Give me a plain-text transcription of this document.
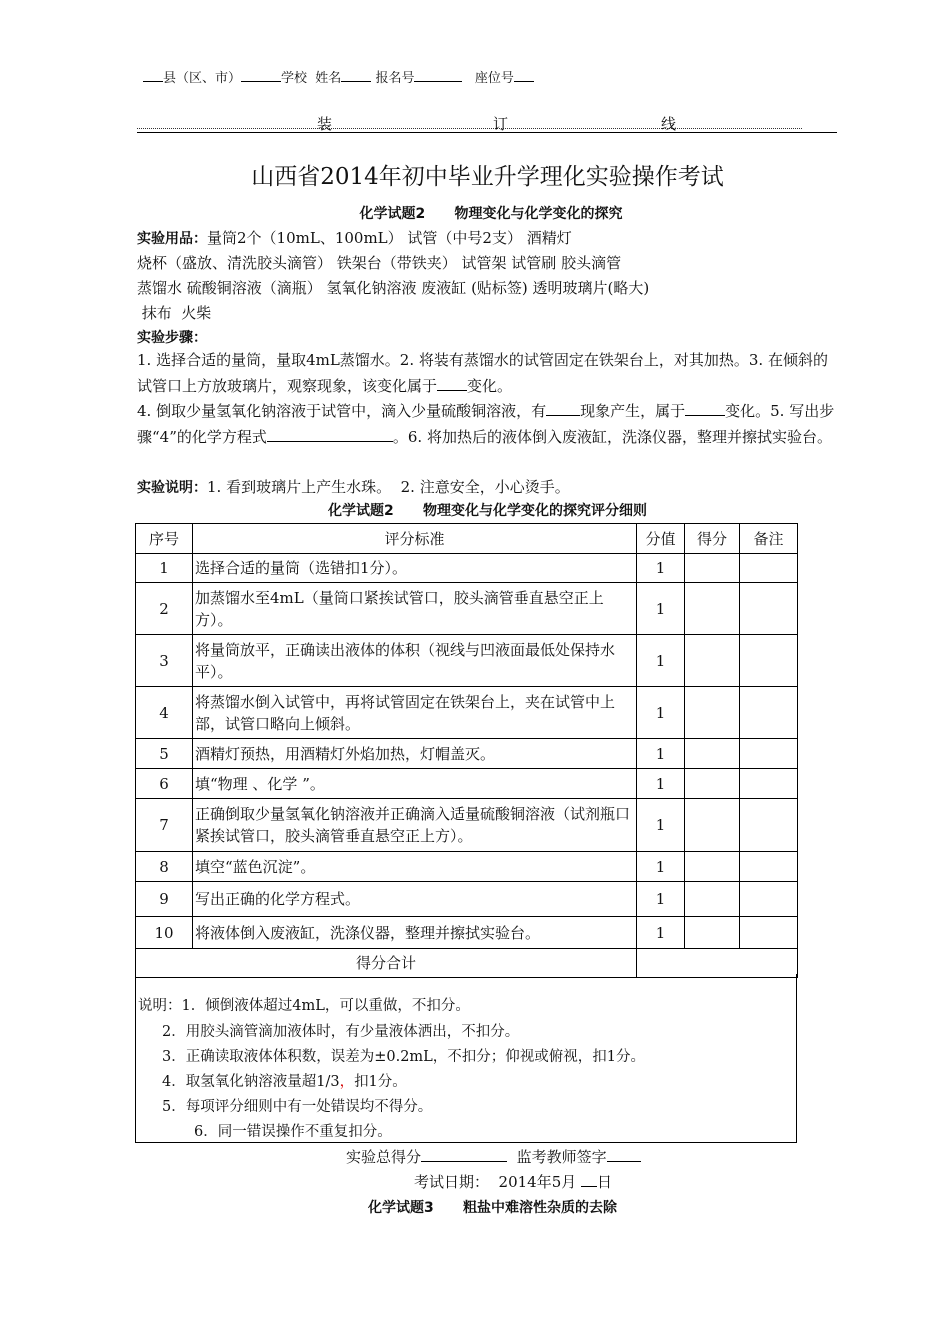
县（区、市）	学校 姓名	报名号	座位号
装	订	线
山西省2014年初中毕业升学理化实验操作考试
化学试题2      物理变化与化学变化的探究
实验用品：量筒2个（10mL、100mL） 试管（中号2支） 酒精灯
烧杯（盛放、清洗胶头滴管） 铁架台（带铁夹） 试管架 试管刷 胶头滴管
蒸馏水 硫酸铜溶液（滴瓶） 氢氧化钠溶液 废液缸 (贴标签) 透明玻璃片(略大)
抹布  火柴
实验步骤：
1. 选择合适的量筒，量取4mL蒸馏水。2. 将装有蒸馏水的试管固定在铁架台上，对其加热。3. 在倾斜的试管口上方放玻璃片，观察现象，该变化属于 变化。
4. 倒取少量氢氧化钠溶液于试管中，滴入少量硫酸铜溶液，有 现象产生，属于	变化。5. 写出步骤“4”的化学方程式	。6. 将加热后的液体倒入废液缸，洗涤仪器，整理并擦拭实验台。
实验说明：1. 看到玻璃片上产生水珠。  2. 注意安全，小心烫手。
化学试题2      物理变化与化学变化的探究评分细则
序号	评分标准	分值	得分	备注
1	选择合适的量筒（选错扣1分）。	1		
2	加蒸馏水至4mL（量筒口紧挨试管口，胶头滴管垂直悬空正上方）。	1		
3	将量筒放平，正确读出液体的体积（视线与凹液面最低处保持水平）。	1		
4	将蒸馏水倒入试管中，再将试管固定在铁架台上，夹在试管中上部，试管口略向上倾斜。	1		
5	酒精灯预热，用酒精灯外焰加热，灯帽盖灭。	1		
6	填“物理 、化学 ”。	1		
7	正确倒取少量氢氧化钠溶液并正确滴入适量硫酸铜溶液（试剂瓶口紧挨试管口，胶头滴管垂直悬空正上方）。	1		
8	填空“蓝色沉淀”。	1		
9	写出正确的化学方程式。	1		
10	将液体倒入废液缸，洗涤仪器，整理并擦拭实验台。	1		
得分合计				
说明：1．倾倒液体超过4mL，可以重做，不扣分。
2．用胶头滴管滴加液体时，有少量液体洒出，不扣分。
3．正确读取液体体积数，误差为±0.2mL，不扣分；仰视或俯视，扣1分。
4．取氢氧化钠溶液量超1/3，扣1分。
5．每项评分细则中有一处错误均不得分。
6．同一错误操作不重复扣分。
实验总得分	监考教师签字
考试日期：  2014年5月 日
化学试题3      粗盐中难溶性杂质的去除
